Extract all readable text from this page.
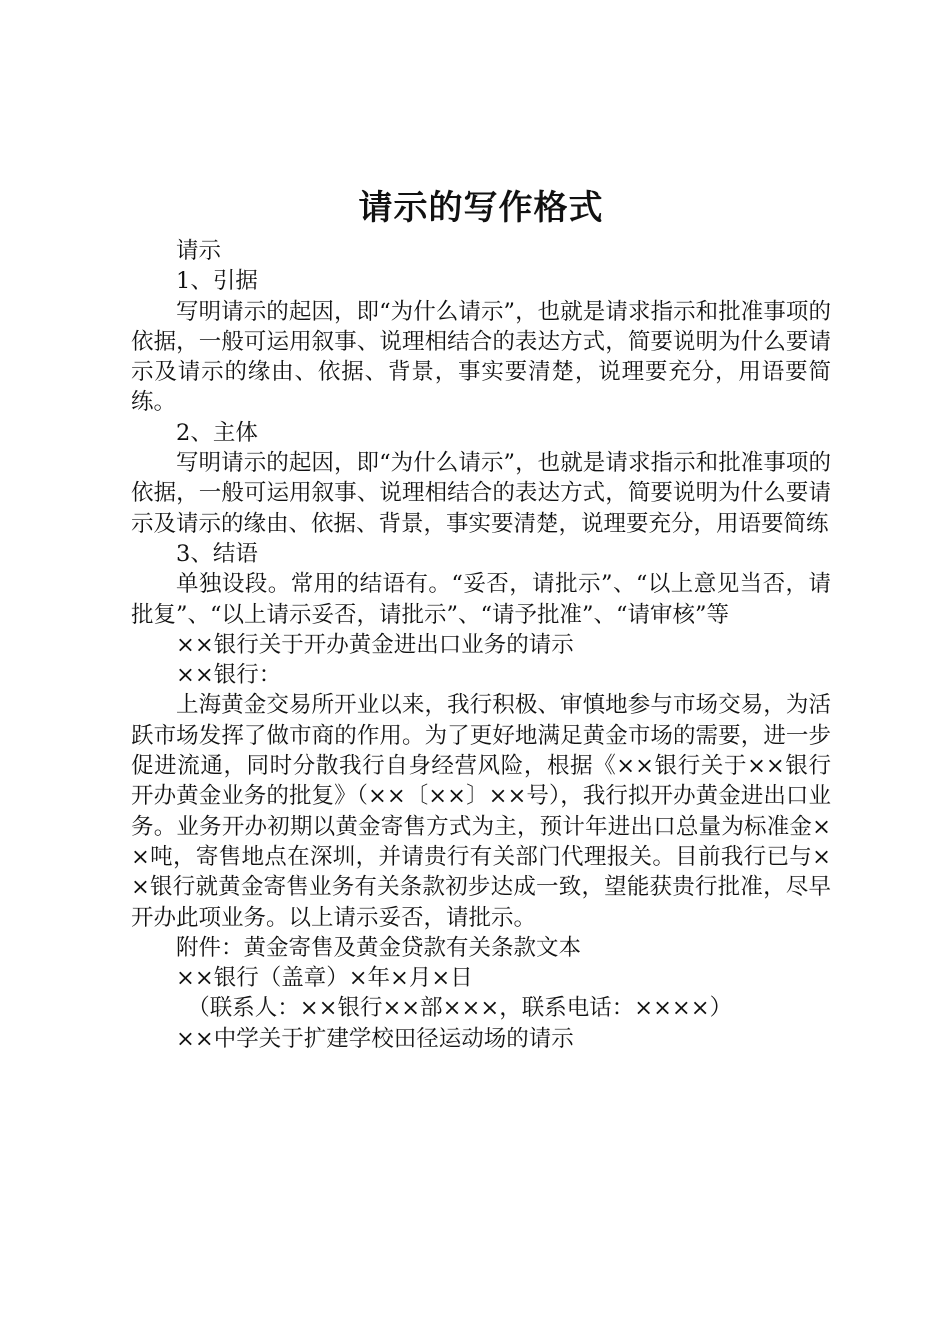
请示的写作格式

请示

1、引据

写明请示的起因，即“为什么请示”，也就是请求指示和批准事项的依据，一般可运用叙事、说理相结合的表达方式，简要说明为什么要请示及请示的缘由、依据、背景，事实要清楚，说理要充分，用语要简练。

2、主体

写明请示的起因，即“为什么请示”，也就是请求指示和批准事项的依据，一般可运用叙事、说理相结合的表达方式，简要说明为什么要请示及请示的缘由、依据、背景，事实要清楚，说理要充分，用语要简练

3、结语

单独设段。常用的结语有。“妥否，请批示”、“以上意见当否，请批复”、“以上请示妥否，请批示”、“请予批准”、“请审核”等

××银行关于开办黄金进出口业务的请示

××银行：

上海黄金交易所开业以来，我行积极、审慎地参与市场交易，为活跃市场发挥了做市商的作用。为了更好地满足黄金市场的需要，进一步促进流通，同时分散我行自身经营风险，根据《××银行关于××银行开办黄金业务的批复》（××〔××〕××号），我行拟开办黄金进出口业务。业务开办初期以黄金寄售方式为主，预计年进出口总量为标准金××吨，寄售地点在深圳，并请贵行有关部门代理报关。目前我行已与××银行就黄金寄售业务有关条款初步达成一致，望能获贵行批准，尽早开办此项业务。以上请示妥否，请批示。

附件：黄金寄售及黄金贷款有关条款文本

××银行（盖章）×年×月×日

（联系人：××银行××部×××，联系电话：××××）

××中学关于扩建学校田径运动场的请示
